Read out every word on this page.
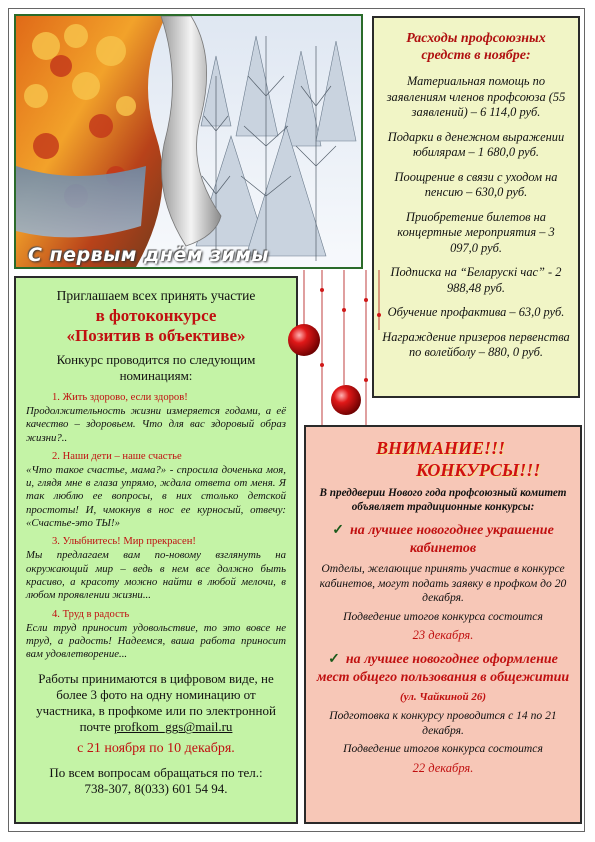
С первым днём зимы
Расходы профсоюзных средств в ноябре:

Материальная помощь по заявлениям членов профсоюза (55 заявлений) – 6 114,0 руб.

Подарки в денежном выражении юбилярам – 1 680,0 руб.

Поощрение в связи с уходом на пенсию – 630,0 руб.

Приобретение билетов на концертные мероприятия – 3 097,0 руб.

Подписка на “Беларускі час” - 2 988,48 руб.

Обучение профактива – 63,0 руб.

Награждение призеров первенства по волейболу – 880, 0 руб.

Приглашаем всех принять участие

в фотоконкурсе

«Позитив в объективе»

Конкурс проводится по следующим номинациям:

1. Жить здорово, если здоров!

Продолжительность жизни измеряется годами, а её качество – здоровьем. Что для вас здоровый образ жизни?..

2. Наши дети – наше счастье

«Что такое счастье, мама?» - спросила доченька моя, и, глядя мне в глаза упрямо, ждала ответа от меня. Я так люблю ее вопросы, в них столько детской простоты! И, чмокнув в нос ее курносый, отвечу: «Счастье-это ТЫ!»

3. Улыбнитесь! Мир прекрасен!

Мы предлагаем вам по-новому взглянуть на окружающий мир – ведь в нем все должно быть красиво, а красоту можно найти в любой мелочи, в любом проявлении жизни...

4. Труд в радость

Если труд приносит удовольствие, то это вовсе не труд, а радость! Надеемся, ваша работа приносит вам удовлетворение...

Работы принимаются в цифровом виде, не более 3 фото на одну номинацию от участника, в профкоме или по электронной почте profkom_ggs@mail.ru

с 21 ноября по 10 декабря.

По всем вопросам обращаться по тел.:

738-307, 8(033) 601 54 94.

ВНИМАНИЕ!!!
КОНКУРСЫ!!!

В преддверии Нового года профсоюзный комитет объявляет традиционные конкурсы:

✓ на лучшее новогоднее украшение кабинетов

Отделы, желающие принять участие в конкурсе кабинетов, могут подать заявку в профком до 20 декабря.

Подведение итогов конкурса состоится

23 декабря.

✓ на лучшее новогоднее оформление мест общего пользования в общежитии

(ул. Чайкиной 26)

Подготовка к конкурсу проводится с 14 по 21 декабря.

Подведение итогов конкурса состоится

22 декабря.
